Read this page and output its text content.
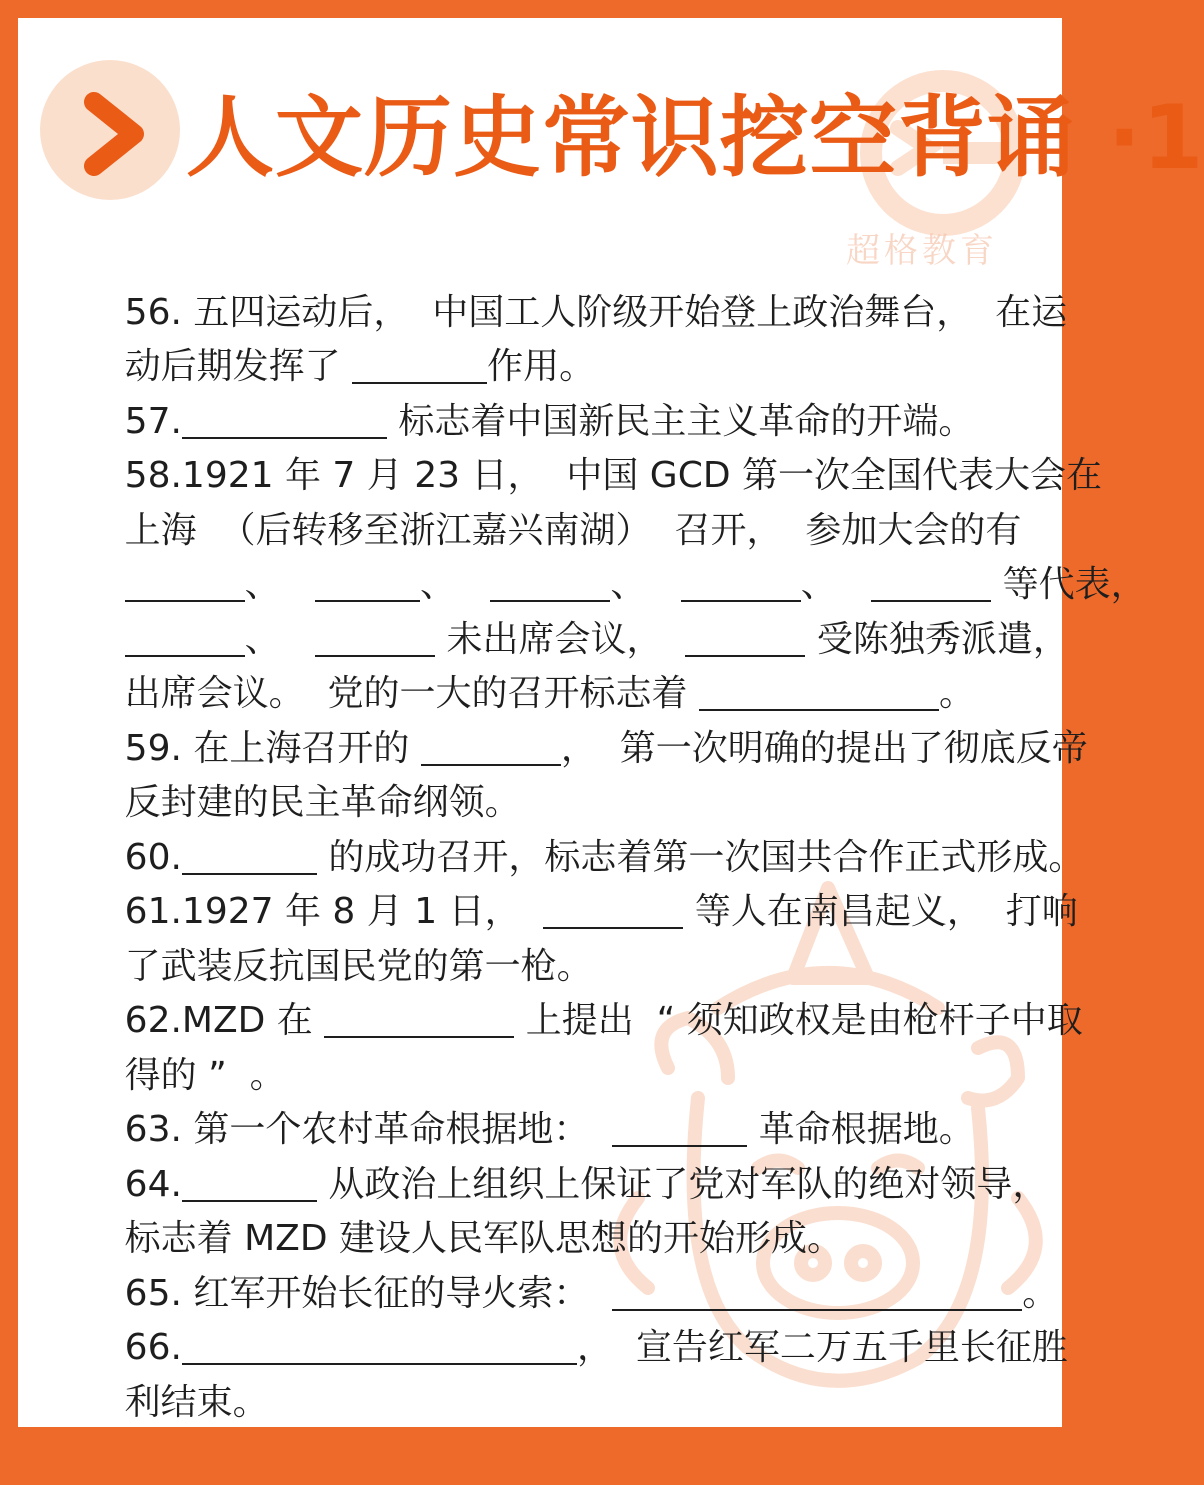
超格教育
人文历史常识挖空背诵 ·1

56. 五四运动后，  中国工人阶级开始登上政治舞台，  在运

动后期发挥了	作用。

57.	标志着中国新民主主义革命的开端。

58.1921 年 7 月 23 日，  中国 GCD 第一次全国代表大会在

上海  （后转移至浙江嘉兴南湖）  召开，  参加大会的有

、	、	、	、	等代表，

、	未出席会议，	受陈独秀派遣，

出席会议。  党的一大的召开标志着	。

59. 在上海召开的	，  第一次明确的提出了彻底反帝

反封建的民主革命纲领。

60.	的成功召开，标志着第一次国共合作正式形成。

61.1927 年 8 月 1 日，	等人在南昌起义，  打响

了武装反抗国民党的第一枪。

62.MZD 在	上提出  “ 须知政权是由枪杆子中取

得的 ”  。

63. 第一个农村革命根据地：	革命根据地。

64.	从政治上组织上保证了党对军队的绝对领导，

标志着 MZD 建设人民军队思想的开始形成。

65. 红军开始长征的导火索：	。

66.	，  宣告红军二万五千里长征胜

利结束。
